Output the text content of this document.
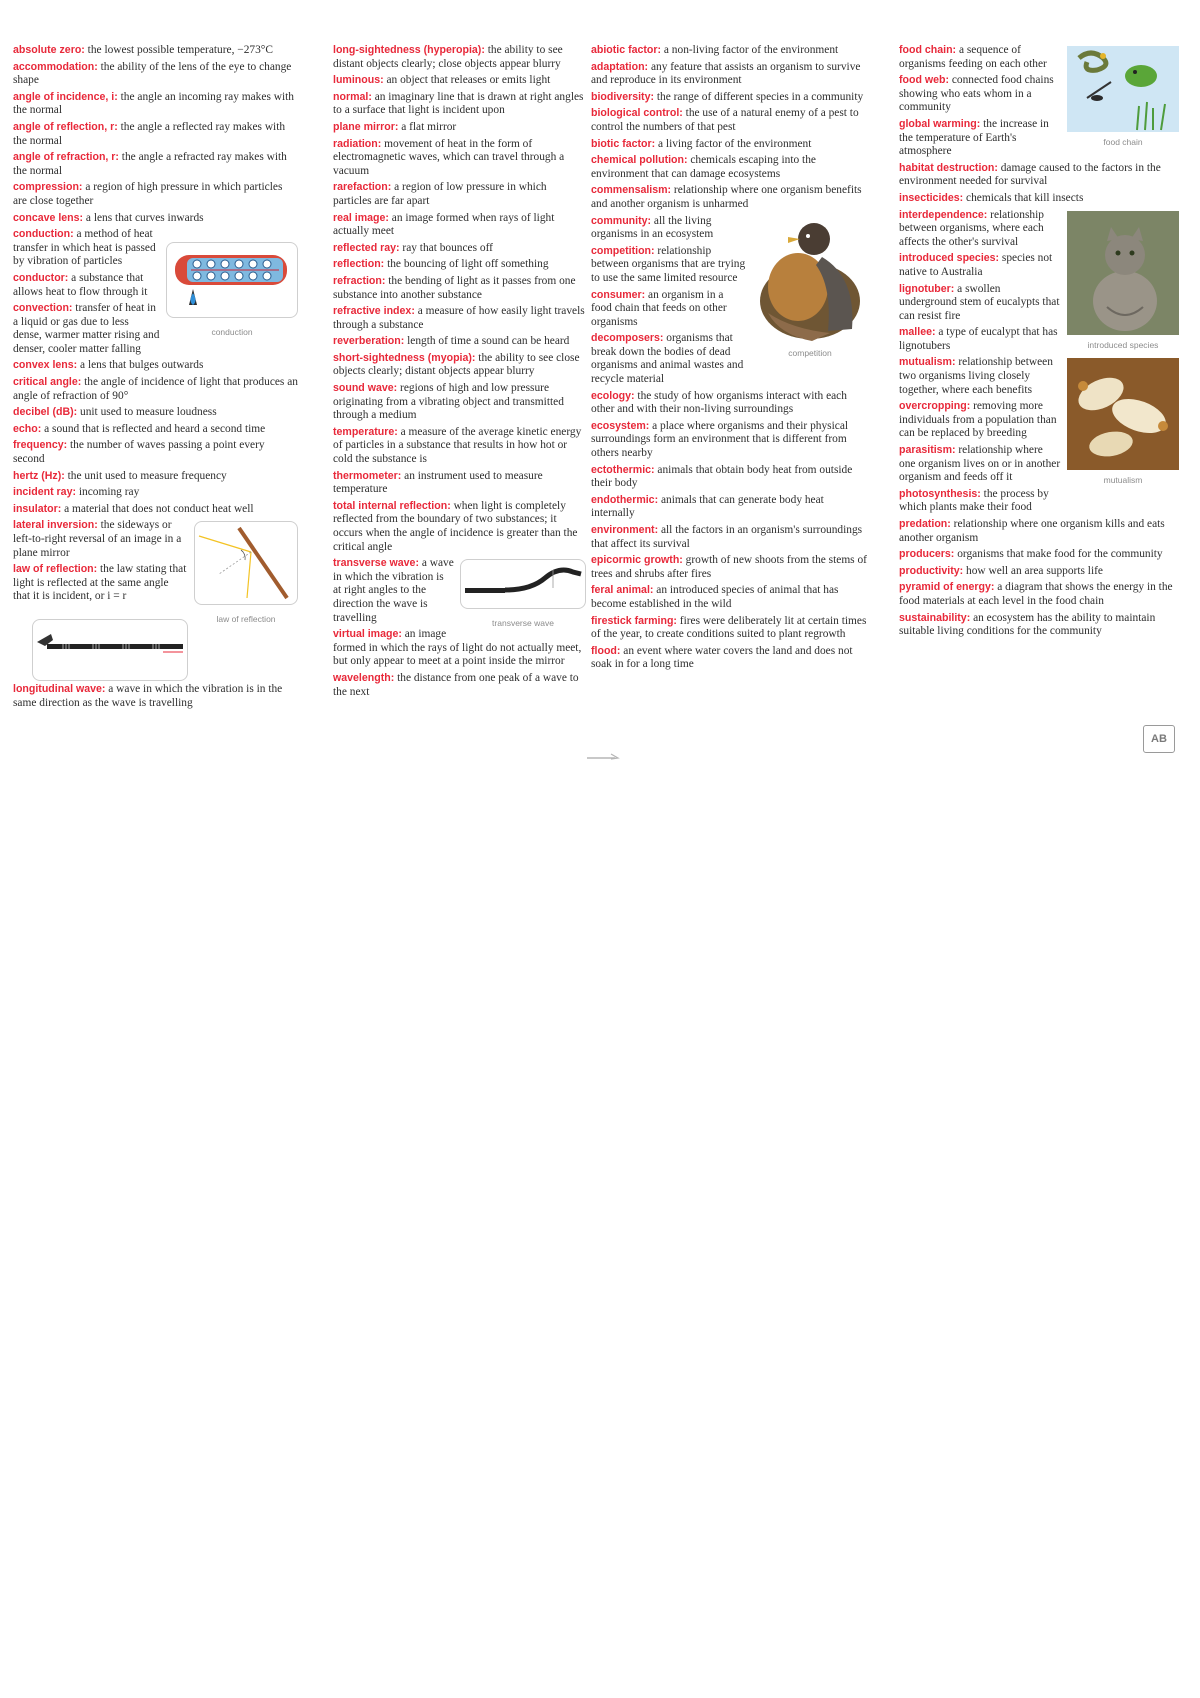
absolute zero: the lowest possible temperature, −273°C
accommodation: the ability of the lens of the eye to change shape
angle of incidence, i: the angle an incoming ray makes with the normal
angle of reflection, r: the angle a reflected ray makes with the normal
angle of refraction, r: the angle a refracted ray makes with the normal
compression: a region of high pressure in which particles are close together
concave lens: a lens that curves inwards
conduction
conduction: a method of heat transfer in which heat is passed by vibration of particles
conductor: a substance that allows heat to flow through it
convection: transfer of heat in a liquid or gas due to less dense, warmer matter rising and denser, cooler matter falling
convex lens: a lens that bulges outwards
critical angle: the angle of incidence of light that produces an angle of refraction of 90°
decibel (dB): unit used to measure loudness
echo: a sound that is reflected and heard a second time
frequency: the number of waves passing a point every second
hertz (Hz): the unit used to measure frequency
incident ray: incoming ray
insulator: a material that does not conduct heat well
law of reflection
lateral inversion: the sideways or left-to-right reversal of an image in a plane mirror
law of reflection: the law stating that light is reflected at the same angle that it is incident, or i = r
longitudinal wave: a wave in which the vibration is in the same direction as the wave is travelling
long-sightedness (hyperopia): the ability to see distant objects clearly; close objects appear blurry
luminous: an object that releases or emits light
normal: an imaginary line that is drawn at right angles to a surface that light is incident upon
plane mirror: a flat mirror
radiation: movement of heat in the form of electromagnetic waves, which can travel through a vacuum
rarefaction: a region of low pressure in which particles are far apart
real image: an image formed when rays of light actually meet
reflected ray: ray that bounces off
reflection: the bouncing of light off something
refraction: the bending of light as it passes from one substance into another substance
refractive index: a measure of how easily light travels through a substance
reverberation: length of time a sound can be heard
short-sightedness (myopia): the ability to see close objects clearly; distant objects appear blurry
sound wave: regions of high and low pressure originating from a vibrating object and transmitted through a medium
temperature: a measure of the average kinetic energy of particles in a substance that results in how hot or cold the substance is
thermometer: an instrument used to measure temperature
total internal reflection: when light is completely reflected from the boundary of two substances; it occurs when the angle of incidence is greater than the critical angle
transverse wave
transverse wave: a wave in which the vibration is at right angles to the direction the wave is travelling
virtual image: an image formed in which the rays of light do not actually meet, but only appear to meet at a point inside the mirror
wavelength: the distance from one peak of a wave to the next
abiotic factor: a non-living factor of the environment
adaptation: any feature that assists an organism to survive and reproduce in its environment
biodiversity: the range of different species in a community
biological control: the use of a natural enemy of a pest to control the numbers of that pest
biotic factor: a living factor of the environment
chemical pollution: chemicals escaping into the environment that can damage ecosystems
commensalism: relationship where one organism benefits and another organism is unharmed
competition
community: all the living organisms in an ecosystem
competition: relationship between organisms that are trying to use the same limited resource
consumer: an organism in a food chain that feeds on other organisms
decomposers: organisms that break down the bodies of dead organisms and animal wastes and recycle material
ecology: the study of how organisms interact with each other and with their non-living surroundings
ecosystem: a place where organisms and their physical surroundings form an environment that is different from others nearby
ectothermic: animals that obtain body heat from outside their body
endothermic: animals that can generate body heat internally
environment: all the factors in an organism's surroundings that affect its survival
epicormic growth: growth of new shoots from the stems of trees and shrubs after fires
feral animal: an introduced species of animal that has become established in the wild
firestick farming: fires were deliberately lit at certain times of the year, to create conditions suited to plant regrowth
flood: an event where water covers the land and does not soak in for a long time
food chain
food chain: a sequence of organisms feeding on each other
food web: connected food chains showing who eats whom in a community
global warming: the increase in the temperature of Earth's atmosphere
habitat destruction: damage caused to the factors in the environment needed for survival
insecticides: chemicals that kill insects
introduced species
interdependence: relationship between organisms, where each affects the other's survival
introduced species: species not native to Australia
lignotuber: a swollen underground stem of eucalypts that can resist fire
mallee: a type of eucalypt that has lignotubers
mutualism
mutualism: relationship between two organisms living closely together, where each benefits
overcropping: removing more individuals from a population than can be replaced by breeding
parasitism: relationship where one organism lives on or in another organism and feeds off it
photosynthesis: the process by which plants make their food
predation: relationship where one organism kills and eats another organism
producers: organisms that make food for the community
productivity: how well an area supports life
pyramid of energy: a diagram that shows the energy in the food materials at each level in the food chain
sustainability: an ecosystem has the ability to maintain suitable living conditions for the community
AB
